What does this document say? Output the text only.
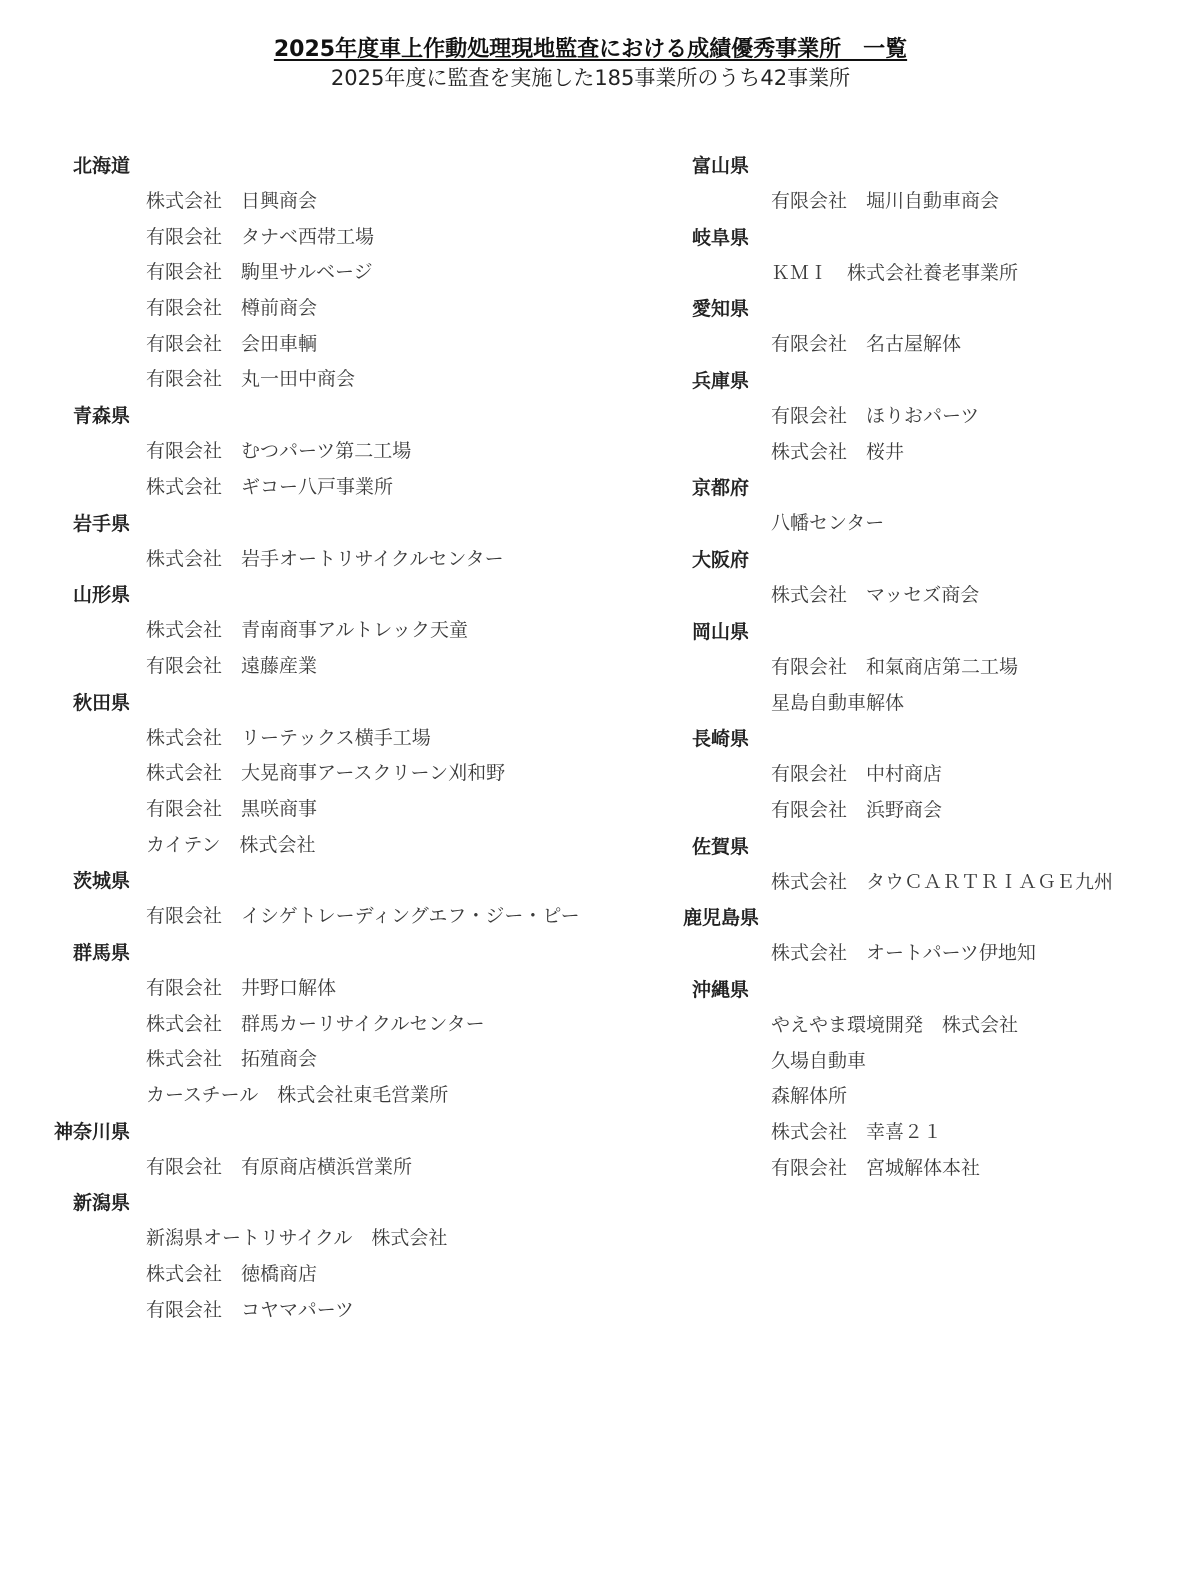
2025年度車上作動処理現地監査における成績優秀事業所　一覧
2025年度に監査を実施した185事業所のうち42事業所
北海道
株式会社　日興商会
有限会社　タナベ西帯工場
有限会社　駒里サルベージ
有限会社　樽前商会
有限会社　会田車輌
有限会社　丸一田中商会
青森県
有限会社　むつパーツ第二工場
株式会社　ギコー八戸事業所
岩手県
株式会社　岩手オートリサイクルセンター
山形県
株式会社　青南商事アルトレック天童
有限会社　遠藤産業
秋田県
株式会社　リーテックス横手工場
株式会社　大晃商事アースクリーン刈和野
有限会社　黒咲商事
カイテン　株式会社
茨城県
有限会社　イシゲトレーディングエフ・ジー・ピー
群馬県
有限会社　井野口解体
株式会社　群馬カーリサイクルセンター
株式会社　拓殖商会
カースチール　株式会社東毛営業所
神奈川県
有限会社　有原商店横浜営業所
新潟県
新潟県オートリサイクル　株式会社
株式会社　徳橋商店
有限会社　コヤマパーツ
富山県
有限会社　堀川自動車商会
岐阜県
ＫＭＩ　株式会社養老事業所
愛知県
有限会社　名古屋解体
兵庫県
有限会社　ほりおパーツ
株式会社　桜井
京都府
八幡センター
大阪府
株式会社　マッセズ商会
岡山県
有限会社　和氣商店第二工場
星島自動車解体
長崎県
有限会社　中村商店
有限会社　浜野商会
佐賀県
株式会社　タウＣＡＲＴＲＩＡＧＥ九州
鹿児島県
株式会社　オートパーツ伊地知
沖縄県
やえやま環境開発　株式会社
久場自動車
森解体所
株式会社　幸喜２１
有限会社　宮城解体本社
